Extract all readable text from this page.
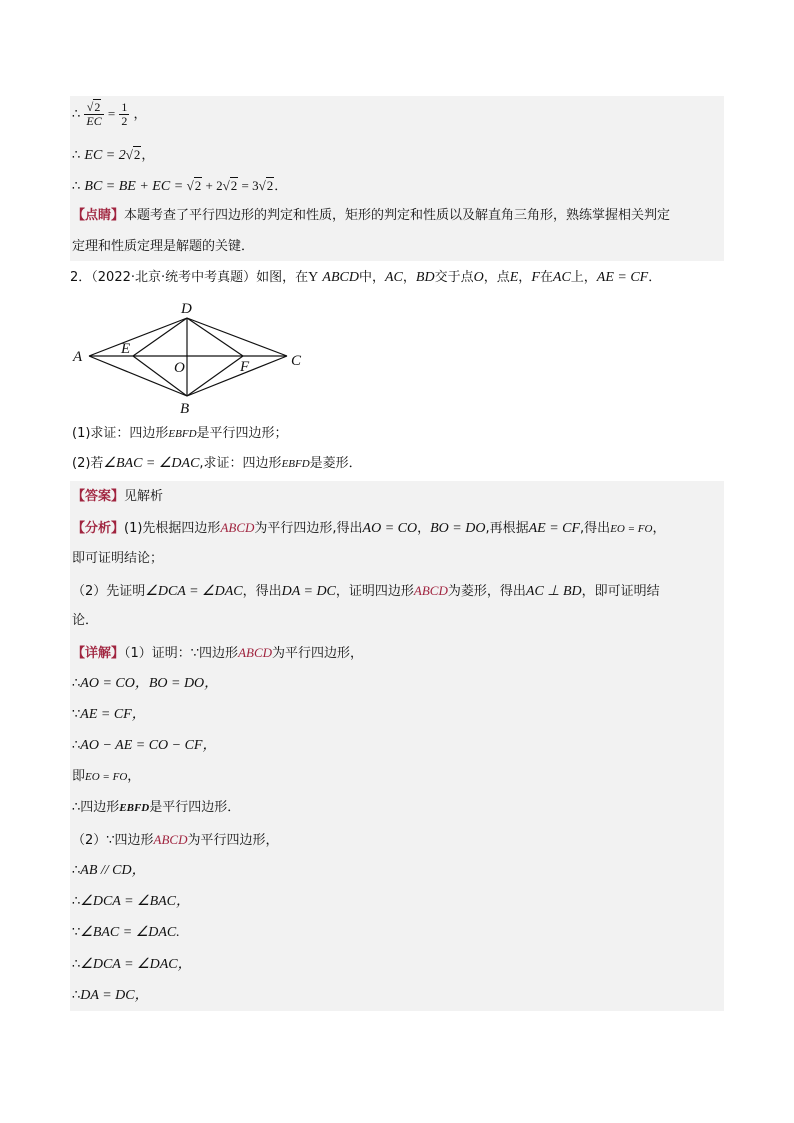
∴ $\frac{√2}{EC} = \frac{1}{2}$ ，
∴ EC = 2√2，
∴ BC = BE + EC = √2 + 2√2 = 3√2．
【点睛】本题考查了平行四边形的判定和性质，矩形的判定和性质以及解直角三角形，熟练掌握相关判定
定理和性质定理是解题的关键．
2．（2022·北京·统考中考真题）如图，在Y ABCD中，AC，BD交于点O，点E，F在AC上，AE = CF．
A
D
C
B
E
F
O
(1)求证：四边形EBFD是平行四边形；
(2)若∠BAC = ∠DAC,求证：四边形EBFD是菱形．
【答案】见解析
【分析】(1)先根据四边形ABCD为平行四边形,得出AO = CO，BO = DO,再根据AE = CF,得出EO = FO，
即可证明结论；
（2）先证明∠DCA = ∠DAC，得出DA = DC，证明四边形ABCD为菱形，得出AC ⊥ BD，即可证明结
论．
【详解】（1）证明：∵四边形ABCD为平行四边形，
∴AO = CO，BO = DO，
∵AE = CF，
∴AO − AE = CO − CF，
即EO = FO，
∴四边形EBFD是平行四边形．
（2）∵四边形ABCD为平行四边形，
∴AB // CD，
∴∠DCA = ∠BAC，
∵∠BAC = ∠DAC.
∴∠DCA = ∠DAC，
∴DA = DC，
